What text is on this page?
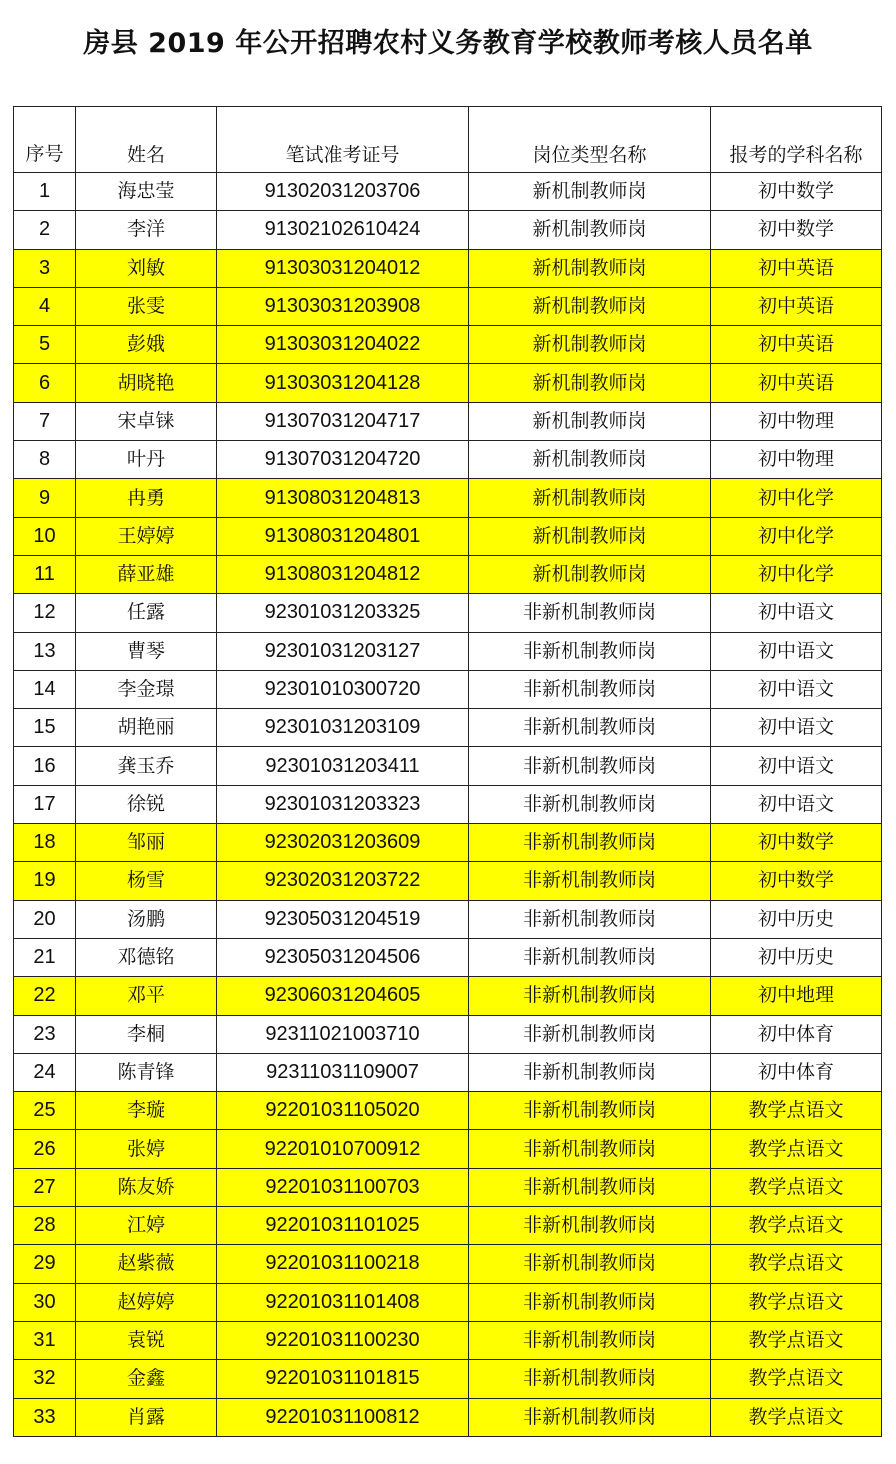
房县 2019 年公开招聘农村义务教育学校教师考核人员名单
序号	姓名	笔试准考证号	岗位类型名称	报考的学科名称
1	海忠莹	91302031203706	新机制教师岗	初中数学
2	李洋	91302102610424	新机制教师岗	初中数学
3	刘敏	91303031204012	新机制教师岗	初中英语
4	张雯	91303031203908	新机制教师岗	初中英语
5	彭娥	91303031204022	新机制教师岗	初中英语
6	胡晓艳	91303031204128	新机制教师岗	初中英语
7	宋卓铼	91307031204717	新机制教师岗	初中物理
8	叶丹	91307031204720	新机制教师岗	初中物理
9	冉勇	91308031204813	新机制教师岗	初中化学
10	王婷婷	91308031204801	新机制教师岗	初中化学
11	薛亚雄	91308031204812	新机制教师岗	初中化学
12	任露	92301031203325	非新机制教师岗	初中语文
13	曹琴	92301031203127	非新机制教师岗	初中语文
14	李金璟	92301010300720	非新机制教师岗	初中语文
15	胡艳丽	92301031203109	非新机制教师岗	初中语文
16	龚玉乔	92301031203411	非新机制教师岗	初中语文
17	徐锐	92301031203323	非新机制教师岗	初中语文
18	邹丽	92302031203609	非新机制教师岗	初中数学
19	杨雪	92302031203722	非新机制教师岗	初中数学
20	汤鹏	92305031204519	非新机制教师岗	初中历史
21	邓德铭	92305031204506	非新机制教师岗	初中历史
22	邓平	92306031204605	非新机制教师岗	初中地理
23	李桐	92311021003710	非新机制教师岗	初中体育
24	陈青锋	92311031109007	非新机制教师岗	初中体育
25	李璇	92201031105020	非新机制教师岗	教学点语文
26	张婷	92201010700912	非新机制教师岗	教学点语文
27	陈友娇	92201031100703	非新机制教师岗	教学点语文
28	江婷	92201031101025	非新机制教师岗	教学点语文
29	赵紫薇	92201031100218	非新机制教师岗	教学点语文
30	赵婷婷	92201031101408	非新机制教师岗	教学点语文
31	袁锐	92201031100230	非新机制教师岗	教学点语文
32	金鑫	92201031101815	非新机制教师岗	教学点语文
33	肖露	92201031100812	非新机制教师岗	教学点语文
